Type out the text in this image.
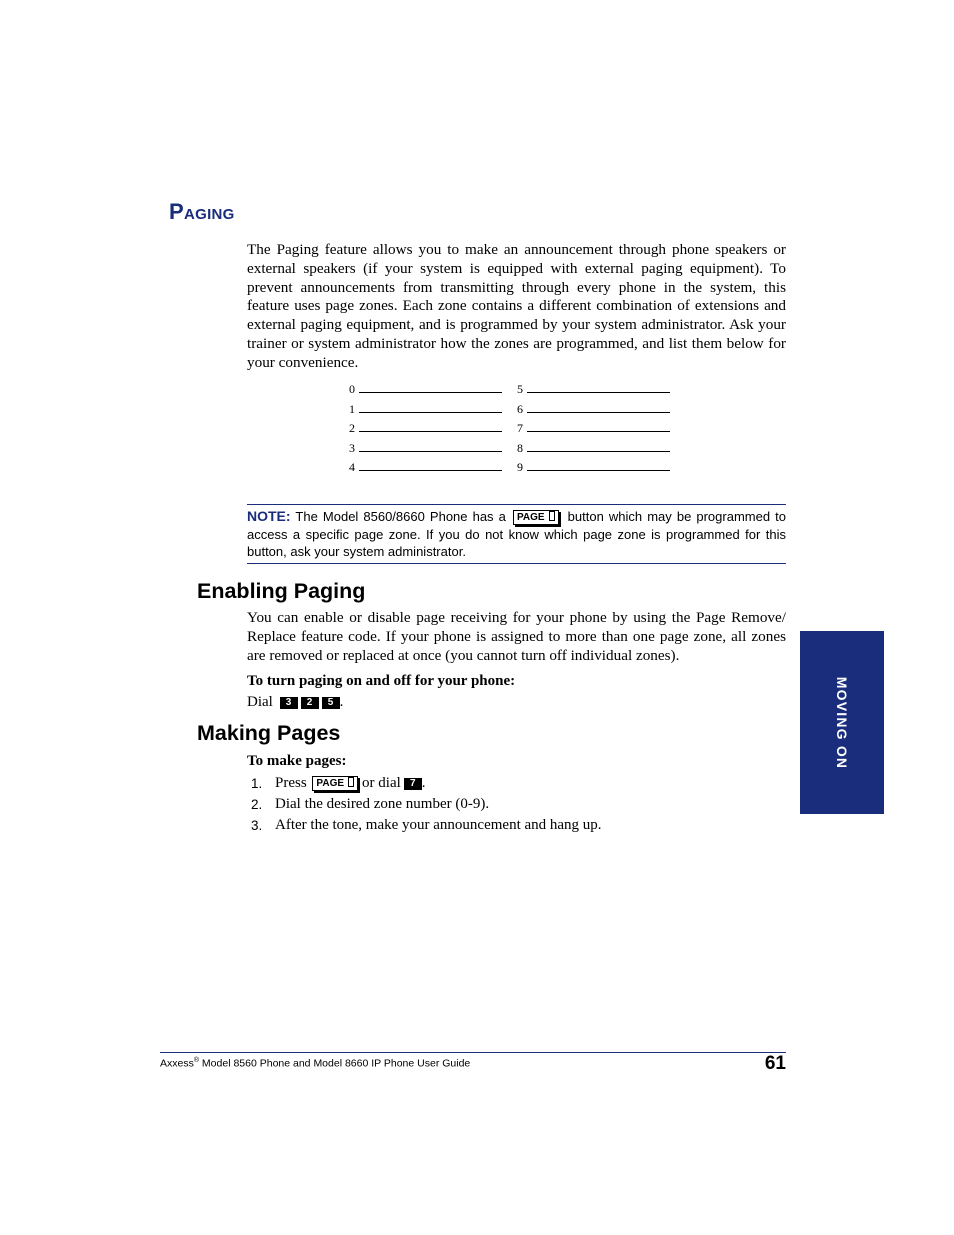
Paging

The Paging feature allows you to make an announcement through phone speakers or external speakers (if your system is equipped with external paging equipment). To prevent announcements from transmitting through every phone in the system, this feature uses page zones. Each zone contains a different combination of extensions and external paging equipment, and is programmed by your system administrator. Ask your trainer or system administrator how the zones are programmed, and list them below for your convenience.

0
1
2
3
4
5
6
7
8
9

NOTE: The Model 8560/8660 Phone has a PAGE button which may be programmed to access a specific page zone. If you do not know which page zone is programmed for this button, ask your system administrator.

Enabling Paging

You can enable or disable page receiving for your phone by using the Page Remove/ Replace feature code. If your phone is assigned to more than one page zone, all zones are removed or replaced at once (you cannot turn off individual zones).

To turn paging on and off for your phone:

Dial 3 2 5 .

Making Pages

To make pages:

1. Press PAGE or dial 7 .
2. Dial the desired zone number (0-9).
3. After the tone, make your announcement and hang up.
MOVING ON

Axxess® Model 8560 Phone and Model 8660 IP Phone User Guide	61
